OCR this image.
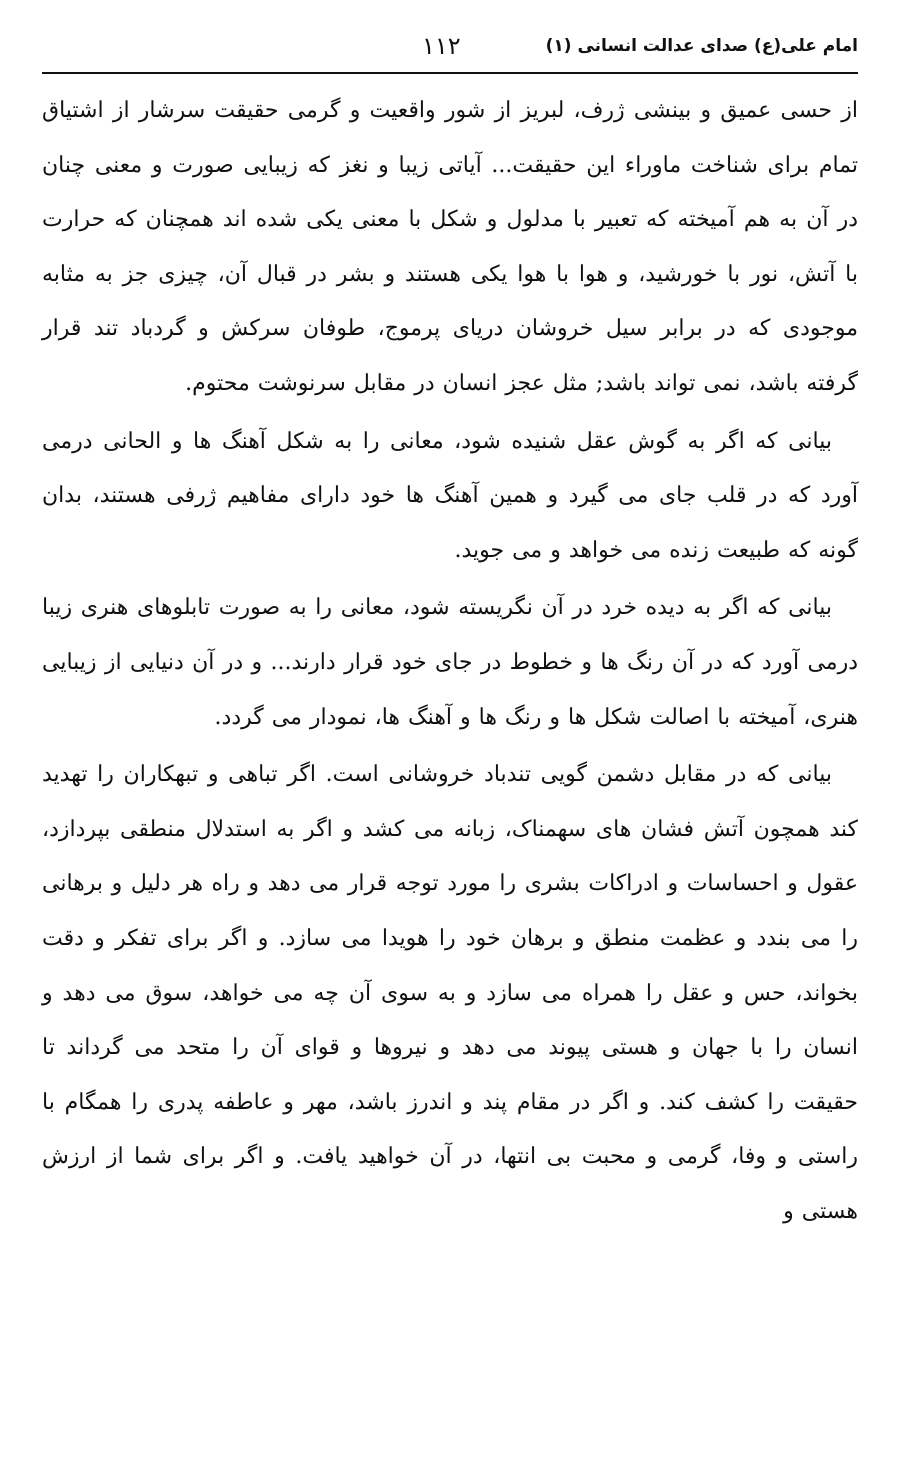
امام علی(ع) صدای عدالت انسانی (۱)
۱۱۲

از حسی عمیق و بینشی ژرف، لبریز از شور واقعیت و گرمی حقیقت سرشار از اشتیاق تمام برای شناخت ماوراء این حقیقت... آیاتی زیبا و نغز که زیبایی صورت و معنی چنان در آن به هم آمیخته که تعبیر با مدلول و شکل با معنی یکی شده اند همچنان که حرارت با آتش، نور با خورشید، و هوا با هوا یکی هستند و بشر در قبال آن، چیزی جز به مثابه موجودی که در برابر سیل خروشان دریای پرموج، طوفان سرکش و گردباد تند قرار گرفته باشد، نمی تواند باشد; مثل عجز انسان در مقابل سرنوشت محتوم.

بیانی که اگر به گوش عقل شنیده شود، معانی را به شکل آهنگ ها و الحانی درمی آورد که در قلب جای می گیرد و همین آهنگ ها خود دارای مفاهیم ژرفی هستند، بدان گونه که طبیعت زنده می خواهد و می جوید.

بیانی که اگر به دیده خرد در آن نگریسته شود، معانی را به صورت تابلوهای هنری زیبا درمی آورد که در آن رنگ ها و خطوط در جای خود قرار دارند... و در آن دنیایی از زیبایی هنری، آمیخته با اصالت شکل ها و رنگ ها و آهنگ ها، نمودار می گردد.

بیانی که در مقابل دشمن گویی تندباد خروشانی است. اگر تباهی و تبهکاران را تهدید کند همچون آتش فشان های سهمناک، زبانه می کشد و اگر به استدلال منطقی بپردازد، عقول و احساسات و ادراکات بشری را مورد توجه قرار می دهد و راه هر دلیل و برهانی را می بندد و عظمت منطق و برهان خود را هویدا می سازد. و اگر برای تفکر و دقت بخواند، حس و عقل را همراه می سازد و به سوی آن چه می خواهد، سوق می دهد و انسان را با جهان و هستی پیوند می دهد و نیروها و قوای آن را متحد می گرداند تا حقیقت را کشف کند. و اگر در مقام پند و اندرز باشد، مهر و عاطفه پدری را همگام با راستی و وفا، گرمی و محبت بی انتها، در آن خواهید یافت. و اگر برای شما از ارزش هستی و
